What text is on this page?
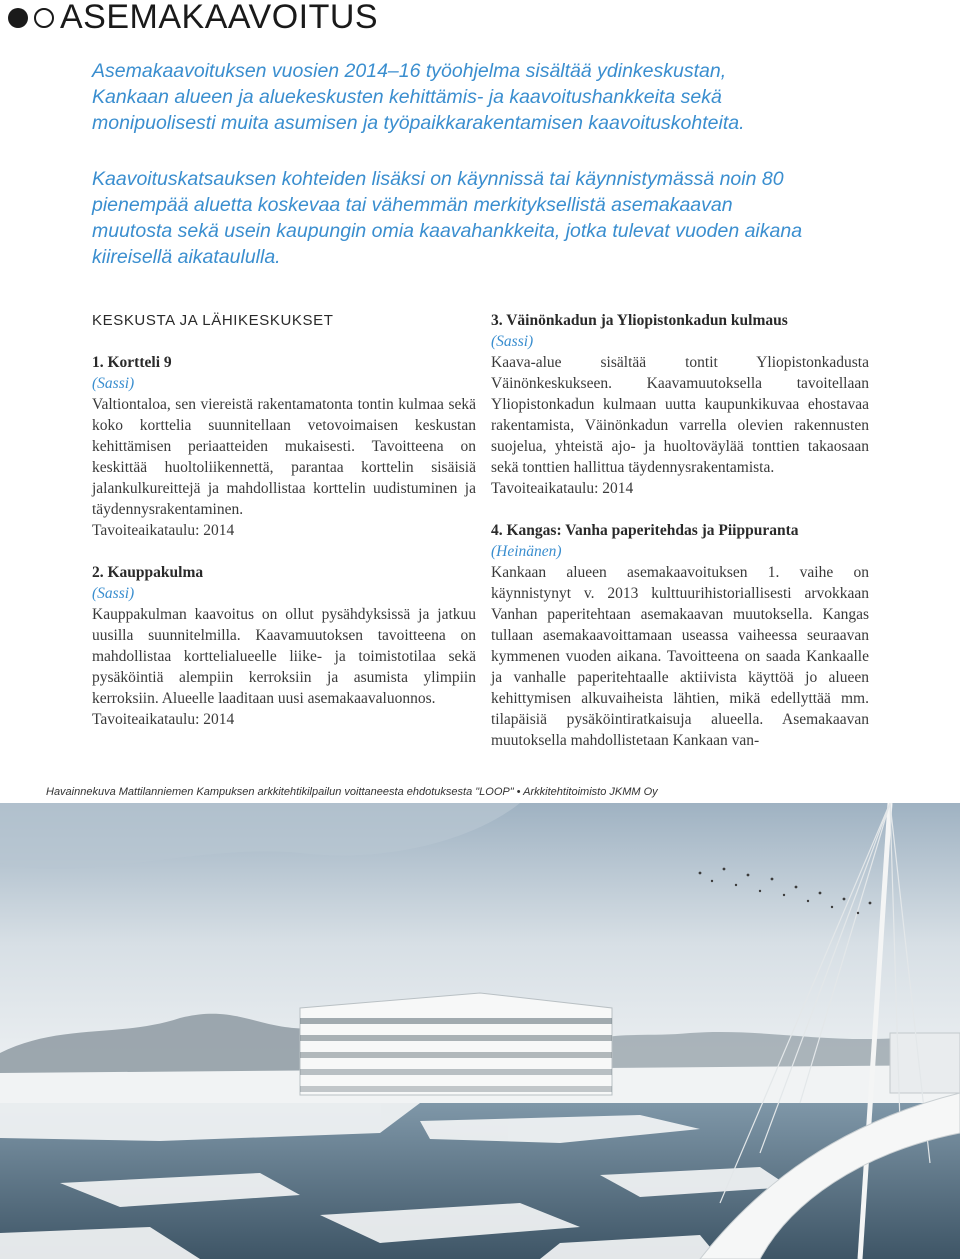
ASEMAKAAVOITUS

Asemakaavoituksen vuosien 2014–16 työohjelma sisältää ydinkeskustan, Kankaan alueen ja aluekeskusten kehittämis- ja kaavoitushankkeita sekä monipuolisesti muita asumisen ja työpaikkarakentamisen kaavoituskohteita.

Kaavoituskatsauksen kohteiden lisäksi on käynnissä tai käynnistymässä noin 80 pienempää aluetta koskevaa tai vähemmän merkityksellistä asemakaavan muutosta sekä usein kaupungin omia kaavahankkeita, jotka tulevat vuoden aikana kiireisellä aikataululla.

KESKUSTA JA LÄHIKESKUKSET

1. Kortteli 9

(Sassi)

Valtiontaloa, sen viereistä rakentamatonta tontin kulmaa sekä koko korttelia suunnitellaan vetovoimaisen keskustan kehittämisen periaatteiden mukaisesti. Tavoitteena on keskittää huoltoliikennettä, parantaa korttelin sisäisiä jalankulkureittejä ja mahdollistaa korttelin uudistuminen ja täydennysrakentaminen.

Tavoiteaikataulu: 2014

2. Kauppakulma

(Sassi)

Kauppakulman kaavoitus on ollut pysähdyksissä ja jatkuu uusilla suunnitelmilla. Kaavamuutoksen tavoitteena on mahdollistaa korttelialueelle liike- ja toimistotilaa sekä pysäköintiä alempiin kerroksiin ja asumista ylimpiin kerroksiin. Alueelle laaditaan uusi asemakaavaluonnos.

Tavoiteaikataulu: 2014

3. Väinönkadun ja Yliopistonkadun kulmaus

(Sassi)

Kaava-alue sisältää tontit Yliopistonkadusta Väinönkeskukseen. Kaavamuutoksella tavoitellaan Yliopistonkadun kulmaan uutta kaupunkikuvaa ehostavaa rakentamista, Väinönkadun varrella olevien rakennusten suojelua, yhteistä ajo- ja huoltoväylää tonttien takaosaan sekä tonttien hallittua täydennysrakentamista.

Tavoiteaikataulu: 2014

4. Kangas: Vanha paperitehdas ja Piippuranta

(Heinänen)

Kankaan alueen asemakaavoituksen 1. vaihe on käynnistynyt v. 2013 kulttuurihistoriallisesti arvokkaan Vanhan paperitehtaan asemakaavan muutoksella. Kangas tullaan asemakaavoittamaan useassa vaiheessa seuraavan kymmenen vuoden aikana. Tavoitteena on saada Kankaalle ja vanhalle paperitehtaalle aktiivista käyttöä jo alueen kehittymisen alkuvaiheista lähtien, mikä edellyttää mm. tilapäisiä pysäköintiratkaisuja alueella. Asemakaavan muutoksella mahdollistetaan Kankaan van-

Havainnekuva Mattilanniemen Kampuksen arkkitehtikilpailun voittaneesta ehdotuksesta "LOOP" • Arkkitehtitoimisto JKMM Oy
